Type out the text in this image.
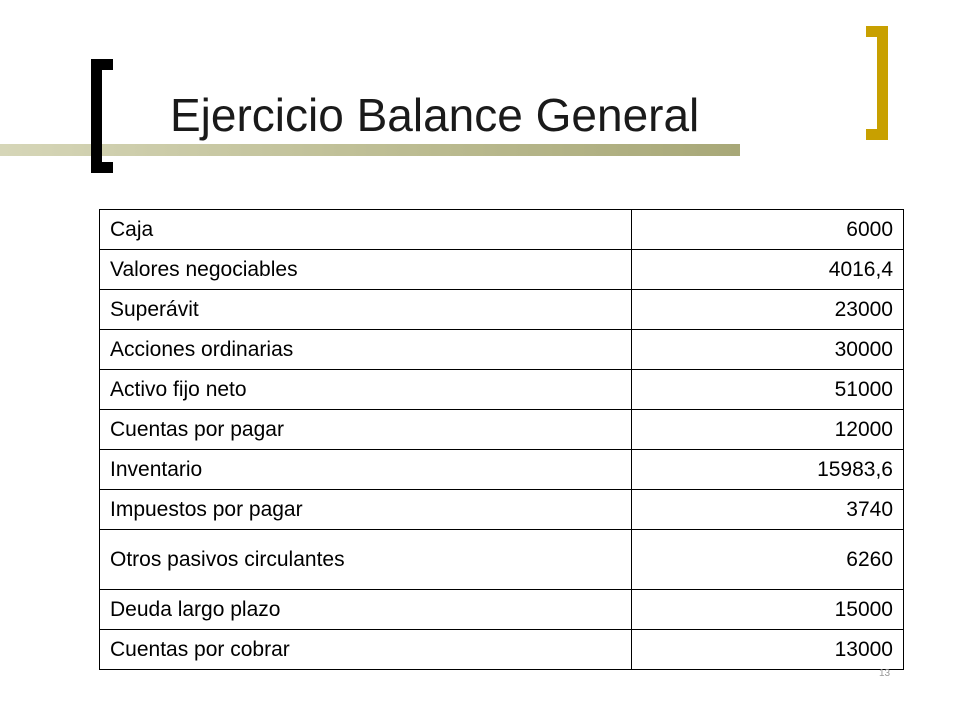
Ejercicio Balance General
Caja	6000
Valores negociables	4016,4
Superávit	23000
Acciones ordinarias	30000
Activo fijo neto	51000
Cuentas por pagar	12000
Inventario	15983,6
Impuestos por pagar	3740
Otros pasivos circulantes	6260
Deuda largo plazo	15000
Cuentas por cobrar	13000
13
